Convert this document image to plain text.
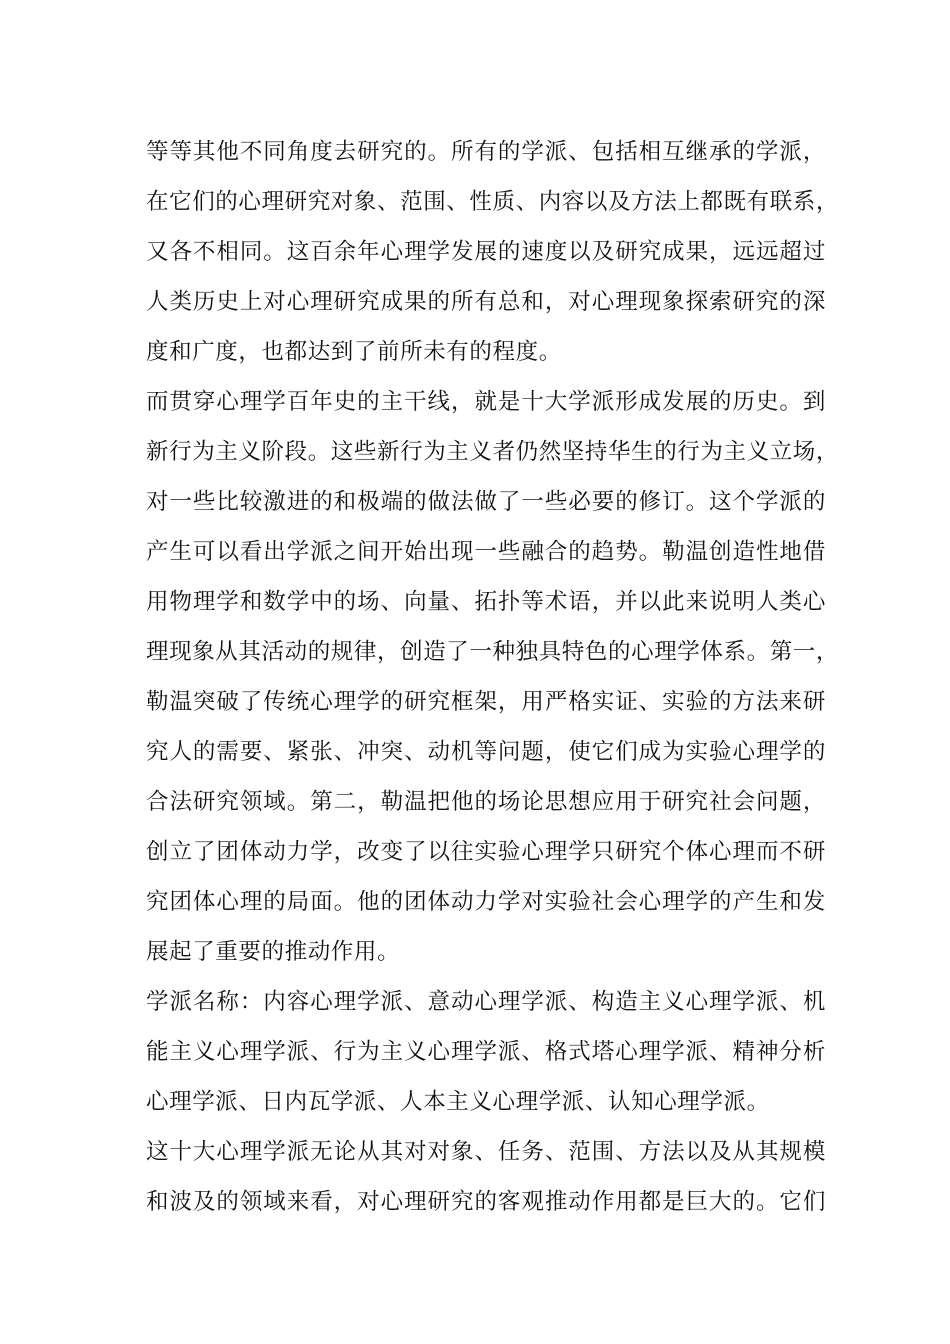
等等其他不同角度去研究的。所有的学派、包括相互继承的学派，
在它们的心理研究对象、范围、性质、内容以及方法上都既有联系，
又各不相同。这百余年心理学发展的速度以及研究成果，远远超过
人类历史上对心理研究成果的所有总和，对心理现象探索研究的深
度和广度，也都达到了前所未有的程度。
而贯穿心理学百年史的主干线，就是十大学派形成发展的历史。到
新行为主义阶段。这些新行为主义者仍然坚持华生的行为主义立场，
对一些比较激进的和极端的做法做了一些必要的修订。这个学派的
产生可以看出学派之间开始出现一些融合的趋势。勒温创造性地借
用物理学和数学中的场、向量、拓扑等术语，并以此来说明人类心
理现象从其活动的规律，创造了一种独具特色的心理学体系。第一，
勒温突破了传统心理学的研究框架，用严格实证、实验的方法来研
究人的需要、紧张、冲突、动机等问题，使它们成为实验心理学的
合法研究领域。第二，勒温把他的场论思想应用于研究社会问题，
创立了团体动力学，改变了以往实验心理学只研究个体心理而不研
究团体心理的局面。他的团体动力学对实验社会心理学的产生和发
展起了重要的推动作用。
学派名称：内容心理学派、意动心理学派、构造主义心理学派、机
能主义心理学派、行为主义心理学派、格式塔心理学派、精神分析
心理学派、日内瓦学派、人本主义心理学派、认知心理学派。
这十大心理学派无论从其对对象、任务、范围、方法以及从其规模
和波及的领域来看，对心理研究的客观推动作用都是巨大的。它们
